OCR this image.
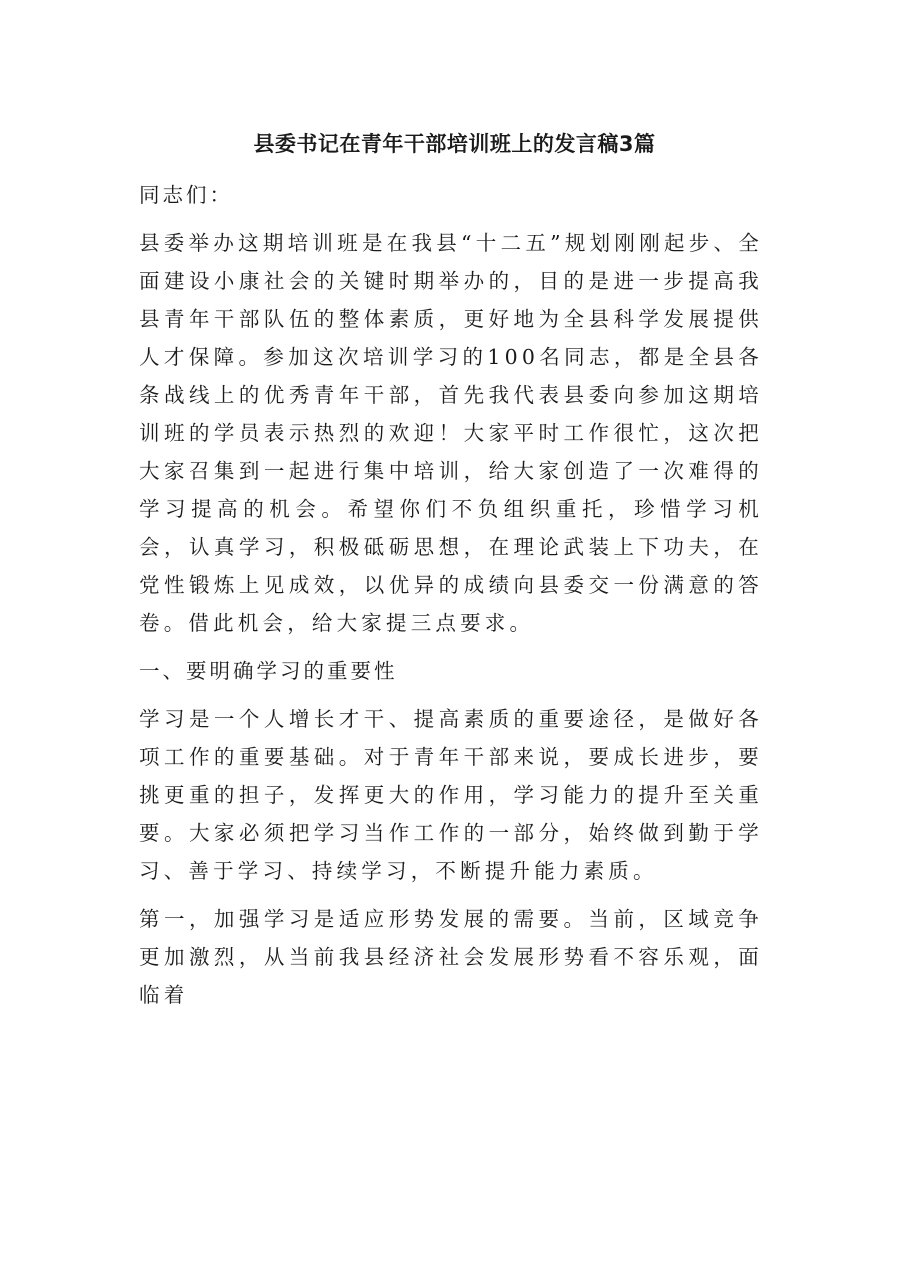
县委书记在青年干部培训班上的发言稿3篇

同志们：

县委举办这期培训班是在我县“十二五”规划刚刚起步、全面建设小康社会的关键时期举办的，目的是进一步提高我县青年干部队伍的整体素质，更好地为全县科学发展提供人才保障。参加这次培训学习的100名同志，都是全县各条战线上的优秀青年干部，首先我代表县委向参加这期培训班的学员表示热烈的欢迎！大家平时工作很忙，这次把大家召集到一起进行集中培训，给大家创造了一次难得的学习提高的机会。希望你们不负组织重托，珍惜学习机会，认真学习，积极砥砺思想，在理论武装上下功夫，在党性锻炼上见成效，以优异的成绩向县委交一份满意的答卷。借此机会，给大家提三点要求。

一、要明确学习的重要性

学习是一个人增长才干、提高素质的重要途径，是做好各项工作的重要基础。对于青年干部来说，要成长进步，要挑更重的担子，发挥更大的作用，学习能力的提升至关重要。大家必须把学习当作工作的一部分，始终做到勤于学习、善于学习、持续学习，不断提升能力素质。

第一，加强学习是适应形势发展的需要。当前，区域竞争更加激烈，从当前我县经济社会发展形势看不容乐观，面临着
